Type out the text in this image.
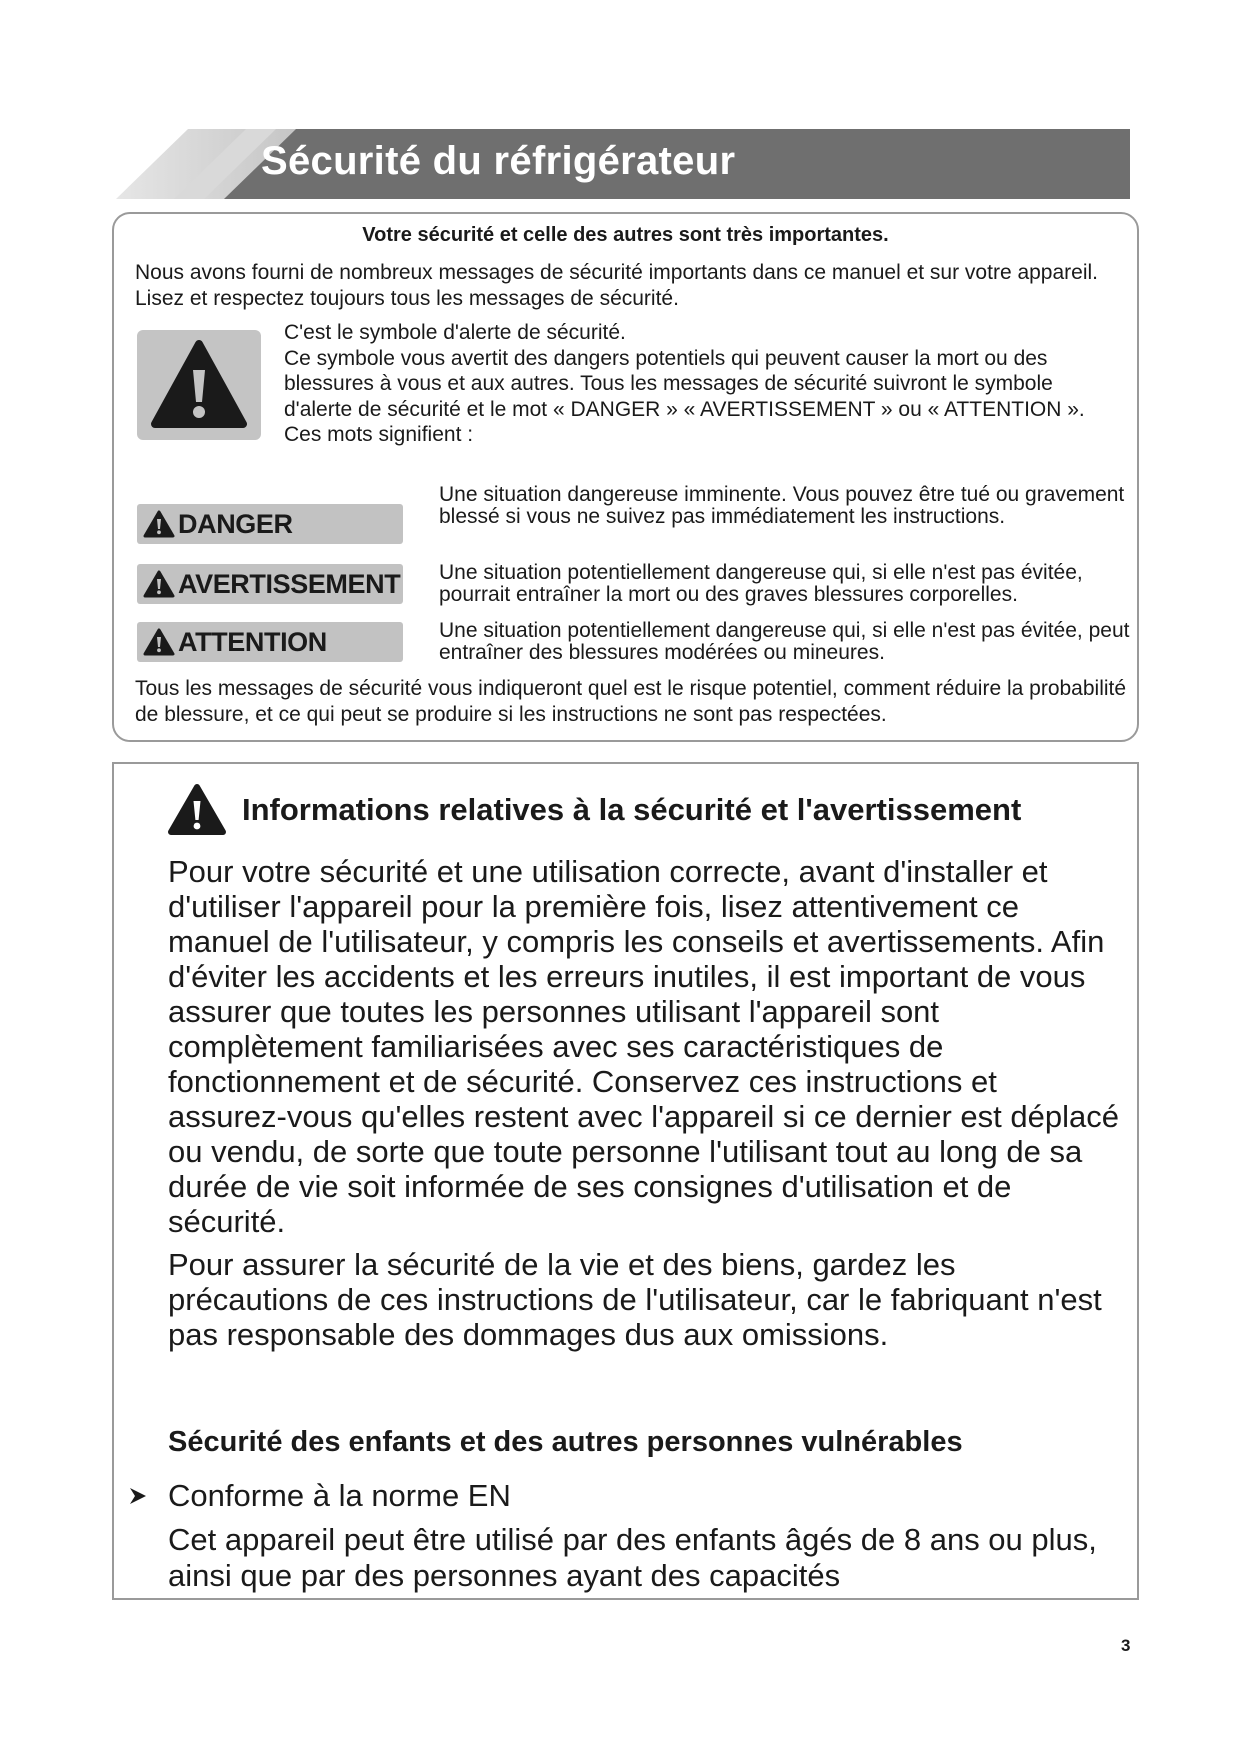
Sécurité du réfrigérateur
Votre sécurité et celle des autres sont très importantes.
Nous avons fourni de nombreux messages de sécurité importants dans ce manuel et sur votre appareil. Lisez et respectez toujours tous les messages de sécurité.
C'est le symbole d'alerte de sécurité.
Ce symbole vous avertit des dangers potentiels qui peuvent causer la mort ou des blessures à vous et aux autres. Tous les messages de sécurité suivront le symbole d'alerte de sécurité et le mot « DANGER » « AVERTISSEMENT » ou « ATTENTION ».
Ces mots signifient :
DANGER
Une situation dangereuse imminente. Vous pouvez être tué ou gravement blessé si vous ne suivez pas immédiatement les instructions.
AVERTISSEMENT Une situation potentiellement dangereuse qui, si elle n'est pas évitée, pourrait entraîner la mort ou des graves blessures corporelles.
ATTENTION	Une situation potentiellement dangereuse qui, si elle n'est pas évitée, peut entraîner des blessures modérées ou mineures.
Tous les messages de sécurité vous indiqueront quel est le risque potentiel, comment réduire la probabilité de blessure, et ce qui peut se produire si les instructions ne sont pas respectées.
Informations relatives à la sécurité et l'avertissement

Pour votre sécurité et une utilisation correcte, avant d'installer et d'utiliser l'appareil pour la première fois, lisez attentivement ce manuel de l'utilisateur, y compris les conseils et avertissements. Afin d'éviter les accidents et les erreurs inutiles, il est important de vous assurer que toutes les personnes utilisant l'appareil sont complètement familiarisées avec ses caractéristiques de fonctionnement et de sécurité. Conservez ces instructions et assurez-vous qu'elles restent avec l'appareil si ce dernier est déplacé ou vendu, de sorte que toute personne l'utilisant tout au long de sa durée de vie soit informée de ses consignes d'utilisation et de sécurité.

Pour assurer la sécurité de la vie et des biens, gardez les précautions de ces instructions de l'utilisateur, car le fabriquant n'est pas responsable des dommages dus aux omissions.

Sécurité des enfants et des autres personnes vulnérables
Conforme à la norme EN
Cet appareil peut être utilisé par des enfants âgés de 8 ans ou plus, ainsi que par des personnes ayant des capacités
3
